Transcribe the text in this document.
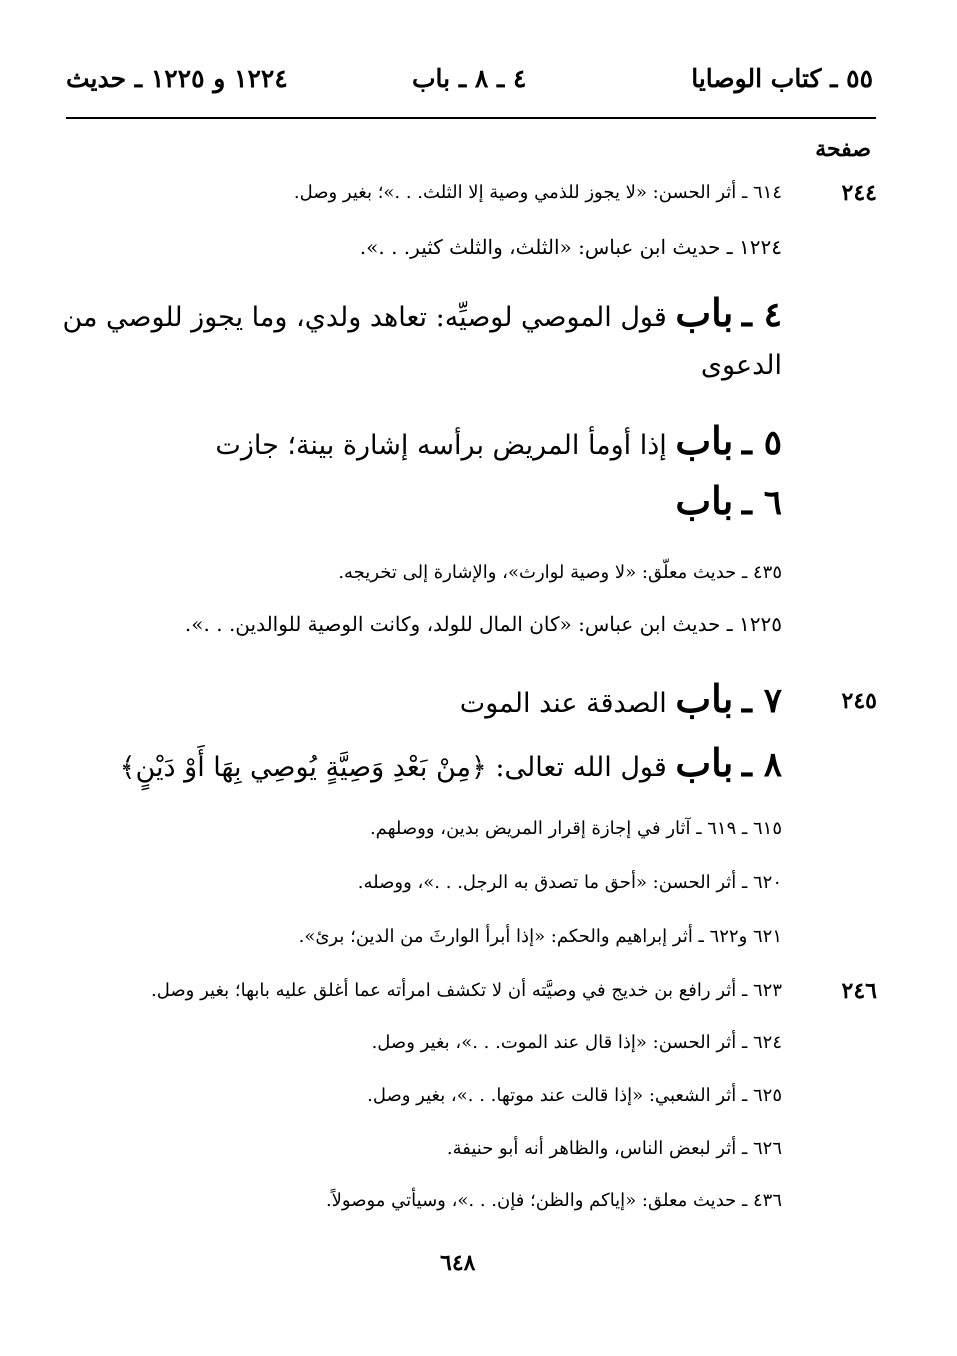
٥٥ ـ كتاب الوصايا
٤ ـ ٨ ـ باب
١٢٢٤ و ١٢٢٥ ـ حديث
صفحة
٢٤٤
٦١٤ ـ أثر الحسن: «لا يجوز للذمي وصية إلا الثلث. . .»؛ بغير وصل.
١٢٢٤ ـ حديث ابن عباس: «الثلث، والثلث كثير. . .».
٤ ـ باب قول الموصي لوصيِّه: تعاهد ولدي، وما يجوز للوصي من
الدعوى
٥ ـ باب إذا أومأ المريض برأسه إشارة بينة؛ جازت
٦ ـ باب
٤٣٥ ـ حديث معلّق: «لا وصية لوارث»، والإشارة إلى تخريجه.
١٢٢٥ ـ حديث ابن عباس: «كان المال للولد، وكانت الوصية للوالدين. . .».
٢٤٥
٧ ـ باب الصدقة عند الموت
٨ ـ باب قول الله تعالى: ﴿مِنْ بَعْدِ وَصِيَّةٍ يُوصِي بِهَا أَوْ دَيْنٍ﴾
٦١٥ ـ ٦١٩ ـ آثار في إجازة إقرار المريض بدين، ووصلهم.
٦٢٠ ـ أثر الحسن: «أحق ما تصدق به الرجل. . .»، ووصله.
٦٢١ و٦٢٢ ـ أثر إبراهيم والحكم: «إذا أبرأ الوارثَ من الدين؛ برئ».
٢٤٦
٦٢٣ ـ أثر رافع بن خديج في وصيَّته أن لا تكشف امرأته عما أغلق عليه بابها؛ بغير وصل.
٦٢٤ ـ أثر الحسن: «إذا قال عند الموت. . .»، بغير وصل.
٦٢٥ ـ أثر الشعبي: «إذا قالت عند موتها. . .»، بغير وصل.
٦٢٦ ـ أثر لبعض الناس، والظاهر أنه أبو حنيفة.
٤٣٦ ـ حديث معلق: «إياكم والظن؛ فإن. . .»، وسيأتي موصولاً.
٦٤٨
